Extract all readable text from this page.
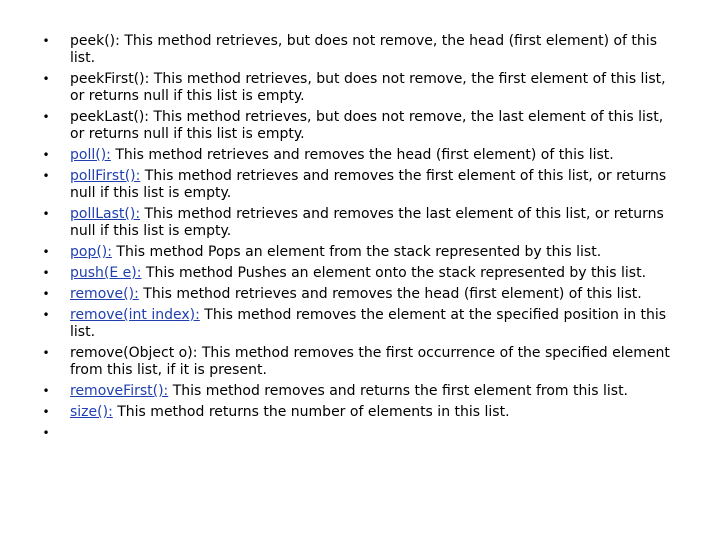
• peek(): This method retrieves, but does not remove, the head (first element) of this list.
• peekFirst(): This method retrieves, but does not remove, the first element of this list, or returns null if this list is empty.
• peekLast(): This method retrieves, but does not remove, the last element of this list, or returns null if this list is empty.
• poll(): This method retrieves and removes the head (first element) of this list.
• pollFirst(): This method retrieves and removes the first element of this list, or returns null if this list is empty.
• pollLast(): This method retrieves and removes the last element of this list, or returns null if this list is empty.
• pop(): This method Pops an element from the stack represented by this list.
• push(E e): This method Pushes an element onto the stack represented by this list.
• remove(): This method retrieves and removes the head (first element) of this list.
• remove(int index): This method removes the element at the specified position in this list.
• remove(Object o): This method removes the first occurrence of the specified element from this list, if it is present.
• removeFirst(): This method removes and returns the first element from this list.
• size(): This method returns the number of elements in this list.
•
